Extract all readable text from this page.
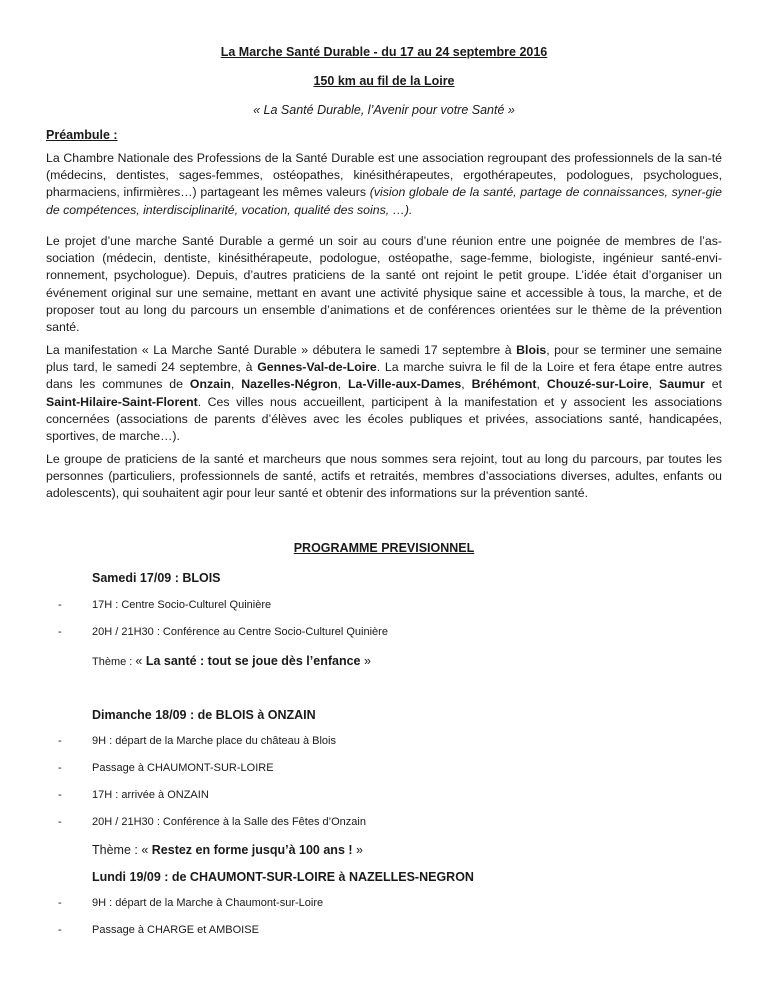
La Marche Santé Durable - du 17 au 24 septembre 2016
150 km au fil de la Loire
« La Santé Durable, l’Avenir pour votre Santé »
Préambule :

La Chambre Nationale des Professions de la Santé Durable est une association regroupant des professionnels de la san-té (médecins, dentistes, sages-femmes, ostéopathes, kinésithérapeutes, ergothérapeutes, podologues, psychologues, pharmaciens, infirmières…) partageant les mêmes valeurs (vision globale de la santé, partage de connaissances, syner-gie de compétences, interdisciplinarité, vocation, qualité des soins, …).

Le projet d’une marche Santé Durable a germé un soir au cours d’une réunion entre une poignée de membres de l’as-sociation (médecin, dentiste, kinésithérapeute, podologue, ostéopathe, sage-femme, biologiste, ingénieur santé-envi-ronnement, psychologue). Depuis, d’autres praticiens de la santé ont rejoint le petit groupe. L’idée était d’organiser un événement original sur une semaine, mettant en avant une activité physique saine et accessible à tous, la marche, et de proposer tout au long du parcours un ensemble d’animations et de conférences orientées sur le thème de la prévention santé.

La manifestation « La Marche Santé Durable » débutera le samedi 17 septembre à Blois, pour se terminer une semaine plus tard, le samedi 24 septembre, à Gennes-Val-de-Loire. La marche suivra le fil de la Loire et fera étape entre autres dans les communes de Onzain, Nazelles-Négron, La-Ville-aux-Dames, Bréhémont, Chouzé-sur-Loire, Saumur et Saint-Hilaire-Saint-Florent. Ces villes nous accueillent, participent à la manifestation et y associent les associations concernées (associations de parents d’élèves avec les écoles publiques et privées, associations santé, handicapées, sportives, de marche…).

Le groupe de praticiens de la santé et marcheurs que nous sommes sera rejoint, tout au long du parcours, par toutes les personnes (particuliers, professionnels de santé, actifs et retraités, membres d’associations diverses, adultes, enfants ou adolescents), qui souhaitent agir pour leur santé et obtenir des informations sur la prévention santé.

PROGRAMME PREVISIONNEL
Samedi 17/09 : BLOIS
-	17H : Centre Socio-Culturel Quinière
-	20H / 21H30 : Conférence au Centre Socio-Culturel Quinière
Thème : « La santé : tout se joue dès l’enfance »
Dimanche 18/09 : de BLOIS à ONZAIN
-	9H : départ de la Marche place du château à Blois
-	Passage à CHAUMONT-SUR-LOIRE
-	17H : arrivée à ONZAIN
-	20H / 21H30 : Conférence à la Salle des Fêtes d’Onzain
Thème : « Restez en forme jusqu’à 100 ans ! »
Lundi 19/09 : de CHAUMONT-SUR-LOIRE à NAZELLES-NEGRON
-	9H : départ de la Marche à Chaumont-sur-Loire
-	Passage à CHARGE et AMBOISE
